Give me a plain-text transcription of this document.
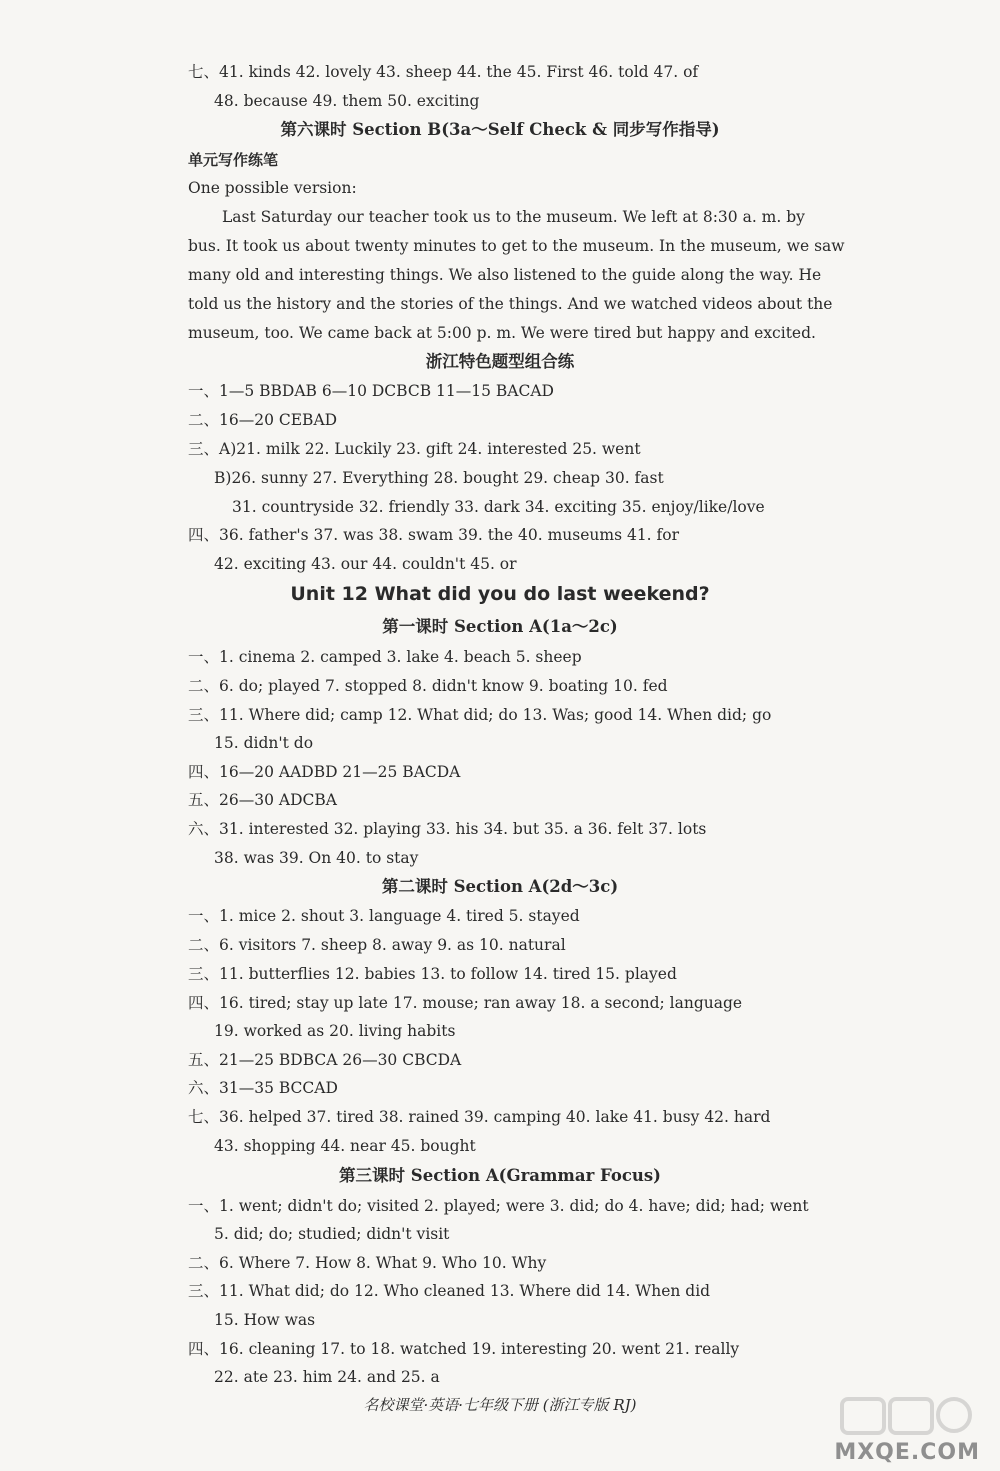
七、41. kinds 42. lovely 43. sheep 44. the 45. First 46. told 47. of
48. because 49. them 50. exciting
第六课时 Section B(3a～Self Check & 同步写作指导)
单元写作练笔
One possible version:
Last Saturday our teacher took us to the museum. We left at 8:30 a. m. by
bus. It took us about twenty minutes to get to the museum. In the museum, we saw
many old and interesting things. We also listened to the guide along the way. He
told us the history and the stories of the things. And we watched videos about the
museum, too. We came back at 5:00 p. m. We were tired but happy and excited.
浙江特色题型组合练
一、1—5 BBDAB 6—10 DCBCB 11—15 BACAD
二、16—20 CEBAD
三、A)21. milk 22. Luckily 23. gift 24. interested 25. went
B)26. sunny 27. Everything 28. bought 29. cheap 30. fast
31. countryside 32. friendly 33. dark 34. exciting 35. enjoy/like/love
四、36. father's 37. was 38. swam 39. the 40. museums 41. for
42. exciting 43. our 44. couldn't 45. or
Unit 12 What did you do last weekend?
第一课时 Section A(1a～2c)
一、1. cinema 2. camped 3. lake 4. beach 5. sheep
二、6. do; played 7. stopped 8. didn't know 9. boating 10. fed
三、11. Where did; camp 12. What did; do 13. Was; good 14. When did; go
15. didn't do
四、16—20 AADBD 21—25 BACDA
五、26—30 ADCBA
六、31. interested 32. playing 33. his 34. but 35. a 36. felt 37. lots
38. was 39. On 40. to stay
第二课时 Section A(2d～3c)
一、1. mice 2. shout 3. language 4. tired 5. stayed
二、6. visitors 7. sheep 8. away 9. as 10. natural
三、11. butterflies 12. babies 13. to follow 14. tired 15. played
四、16. tired; stay up late 17. mouse; ran away 18. a second; language
19. worked as 20. living habits
五、21—25 BDBCA 26—30 CBCDA
六、31—35 BCCAD
七、36. helped 37. tired 38. rained 39. camping 40. lake 41. busy 42. hard
43. shopping 44. near 45. bought
第三课时 Section A(Grammar Focus)
一、1. went; didn't do; visited 2. played; were 3. did; do 4. have; did; had; went
5. did; do; studied; didn't visit
二、6. Where 7. How 8. What 9. Who 10. Why
三、11. What did; do 12. Who cleaned 13. Where did 14. When did
15. How was
四、16. cleaning 17. to 18. watched 19. interesting 20. went 21. really
22. ate 23. him 24. and 25. a
名校课堂·英语·七年级下册 (浙江专版 RJ)
MXQE.COM
